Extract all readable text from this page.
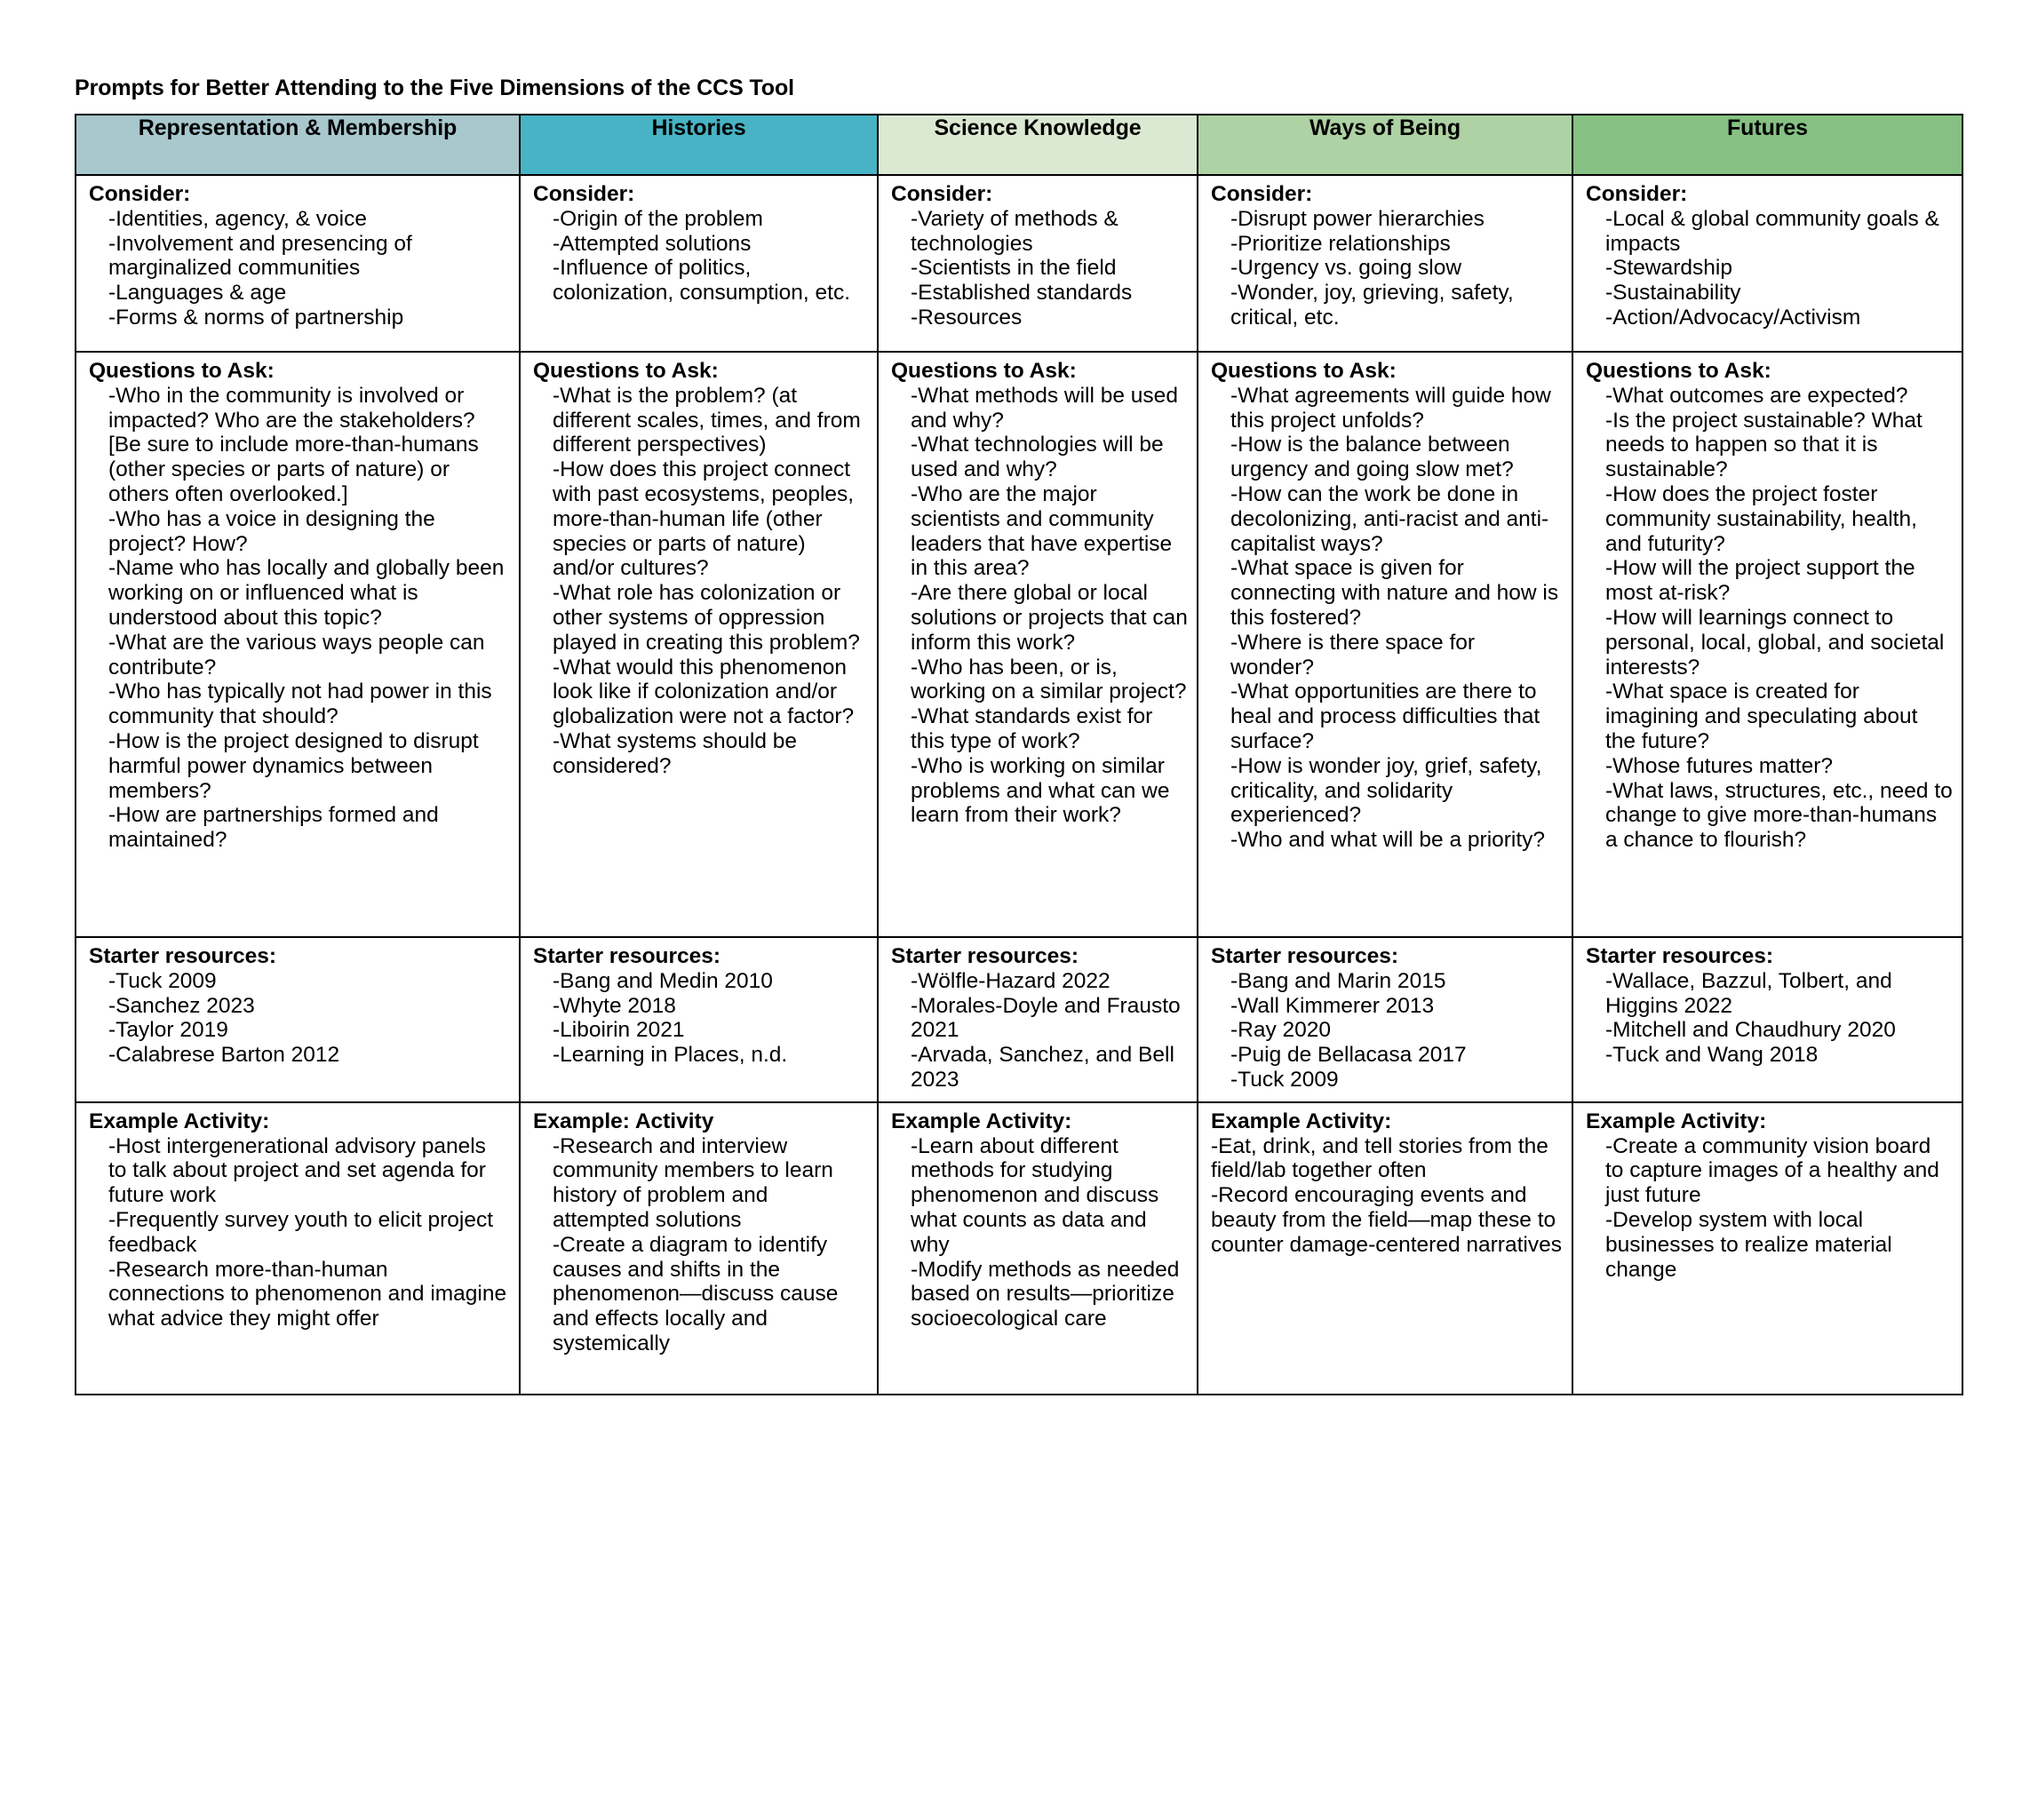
Prompts for Better Attending to the Five Dimensions of the CCS Tool
Representation & Membership	Histories	Science Knowledge	Ways of Being	Futures

Consider:
-Identities, agency, & voice
-Involvement and presencing of marginalized communities
-Languages & age
-Forms & norms of partnership

Consider:
-Origin of the problem
-Attempted solutions
-Influence of politics, colonization, consumption, etc.

Consider:
-Variety of methods & technologies
-Scientists in the field
-Established standards
-Resources

Consider:
-Disrupt power hierarchies
-Prioritize relationships
-Urgency vs. going slow
-Wonder, joy, grieving, safety, critical, etc.

Consider:
-Local & global community goals & impacts
-Stewardship
-Sustainability
-Action/Advocacy/Activism

Questions to Ask:
-Who in the community is involved or impacted? Who are the stakeholders? [Be sure to include more-than-humans (other species or parts of nature) or others often overlooked.]
-Who has a voice in designing the project? How?
-Name who has locally and globally been working on or influenced what is understood about this topic?
-What are the various ways people can contribute?
-Who has typically not had power in this community that should?
-How is the project designed to disrupt harmful power dynamics between members?
-How are partnerships formed and maintained?

Questions to Ask:
-What is the problem? (at different scales, times, and from different perspectives)
-How does this project connect with past ecosystems, peoples, more-than-human life (other species or parts of nature) and/or cultures?
-What role has colonization or other systems of oppression played in creating this problem?
-What would this phenomenon look like if colonization and/or globalization were not a factor?
-What systems should be considered?

Questions to Ask:
-What methods will be used and why?
-What technologies will be used and why?
-Who are the major scientists and community leaders that have expertise in this area?
-Are there global or local solutions or projects that can inform this work?
-Who has been, or is, working on a similar project?
-What standards exist for this type of work?
-Who is working on similar problems and what can we learn from their work?

Questions to Ask:
-What agreements will guide how this project unfolds?
-How is the balance between urgency and going slow met?
-How can the work be done in decolonizing, anti-racist and anti-capitalist ways?
-What space is given for connecting with nature and how is this fostered?
-Where is there space for wonder?
-What opportunities are there to heal and process difficulties that surface?
-How is wonder joy, grief, safety, criticality, and solidarity experienced?
-Who and what will be a priority?

Questions to Ask:
-What outcomes are expected?
-Is the project sustainable? What needs to happen so that it is sustainable?
-How does the project foster community sustainability, health, and futurity?
-How will the project support the most at-risk?
-How will learnings connect to personal, local, global, and societal interests?
-What space is created for imagining and speculating about the future?
-Whose futures matter?
-What laws, structures, etc., need to change to give more-than-humans a chance to flourish?

Starter resources:
-Tuck 2009
-Sanchez 2023
-Taylor 2019
-Calabrese Barton 2012

Starter resources:
-Bang and Medin 2010
-Whyte 2018
-Liboirin 2021
-Learning in Places, n.d.

Starter resources:
-Wölfle-Hazard 2022
-Morales-Doyle and Frausto 2021
-Arvada, Sanchez, and Bell 2023

Starter resources:
-Bang and Marin 2015
-Wall Kimmerer 2013
-Ray 2020
-Puig de Bellacasa 2017
-Tuck 2009

Starter resources:
-Wallace, Bazzul, Tolbert, and Higgins 2022
-Mitchell and Chaudhury 2020
-Tuck and Wang 2018

Example Activity:
-Host intergenerational advisory panels to talk about project and set agenda for future work
-Frequently survey youth to elicit project feedback
-Research more-than-human connections to phenomenon and imagine what advice they might offer

Example: Activity
-Research and interview community members to learn history of problem and attempted solutions
-Create a diagram to identify causes and shifts in the phenomenon—discuss cause and effects locally and systemically

Example Activity:
-Learn about different methods for studying phenomenon and discuss what counts as data and why
-Modify methods as needed based on results—prioritize socioecological care

Example Activity:
-Eat, drink, and tell stories from the field/lab together often
-Record encouraging events and beauty from the field—map these to counter damage-centered narratives

Example Activity:
-Create a community vision board to capture images of a healthy and just future
-Develop system with local businesses to realize material change
